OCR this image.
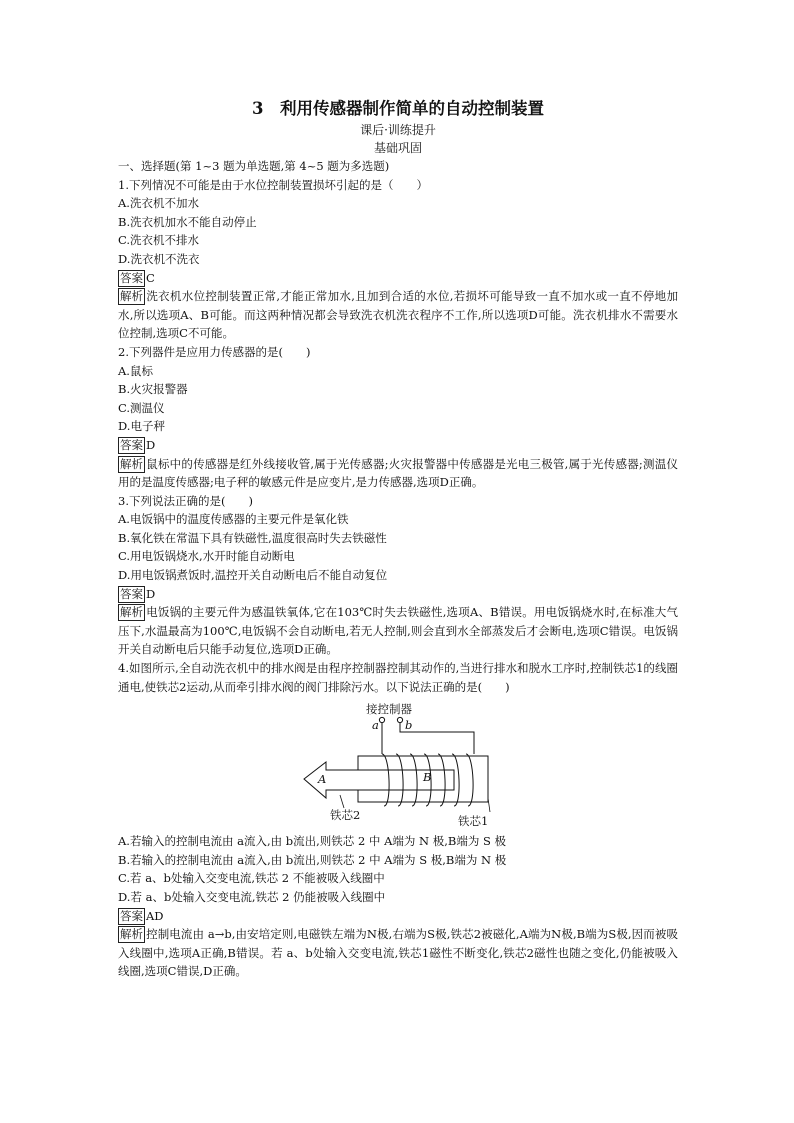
3　利用传感器制作简单的自动控制装置
课后·训练提升
基础巩固
一、选择题(第 1~3 题为单选题,第 4~5 题为多选题)
1.下列情况不可能是由于水位控制装置损坏引起的是（　　）
A.洗衣机不加水
B.洗衣机加水不能自动停止
C.洗衣机不排水
D.洗衣机不洗衣
答案 C
解析 洗衣机水位控制装置正常,才能正常加水,且加到合适的水位,若损坏可能导致一直不加水或一直不停地加水,所以选项A、B可能。而这两种情况都会导致洗衣机洗衣程序不工作,所以选项D可能。洗衣机排水不需要水位控制,选项C不可能。
2.下列器件是应用力传感器的是(　　)
A.鼠标
B.火灾报警器
C.测温仪
D.电子秤
答案 D
解析 鼠标中的传感器是红外线接收管,属于光传感器;火灾报警器中传感器是光电三极管,属于光传感器;测温仪用的是温度传感器;电子秤的敏感元件是应变片,是力传感器,选项D正确。
3.下列说法正确的是(　　)
A.电饭锅中的温度传感器的主要元件是氧化铁
B.氧化铁在常温下具有铁磁性,温度很高时失去铁磁性
C.用电饭锅烧水,水开时能自动断电
D.用电饭锅煮饭时,温控开关自动断电后不能自动复位
答案 D
解析 电饭锅的主要元件为感温铁氧体,它在103℃时失去铁磁性,选项A、B错误。用电饭锅烧水时,在标准大气压下,水温最高为100℃,电饭锅不会自动断电,若无人控制,则会直到水全部蒸发后才会断电,选项C错误。电饭锅开关自动断电后只能手动复位,选项D正确。
4.如图所示,全自动洗衣机中的排水阀是由程序控制器控制其动作的,当进行排水和脱水工序时,控制铁芯1的线圈通电,使铁芯2运动,从而牵引排水阀的阀门排除污水。以下说法正确的是(　　)
接控制器
a b
A	B
铁芯2	铁芯1
A.若输入的控制电流由 a流入,由 b流出,则铁芯 2 中 A端为 N 极,B端为 S 极
B.若输入的控制电流由 a流入,由 b流出,则铁芯 2 中 A端为 S 极,B端为 N 极
C.若 a、b处输入交变电流,铁芯 2 不能被吸入线圈中
D.若 a、b处输入交变电流,铁芯 2 仍能被吸入线圈中
答案 AD
解析 控制电流由 a→b,由安培定则,电磁铁左端为N极,右端为S极,铁芯2被磁化,A端为N极,B端为S极,因而被吸入线圈中,选项A正确,B错误。若 a、b处输入交变电流,铁芯1磁性不断变化,铁芯2磁性也随之变化,仍能被吸入线圈,选项C错误,D正确。
